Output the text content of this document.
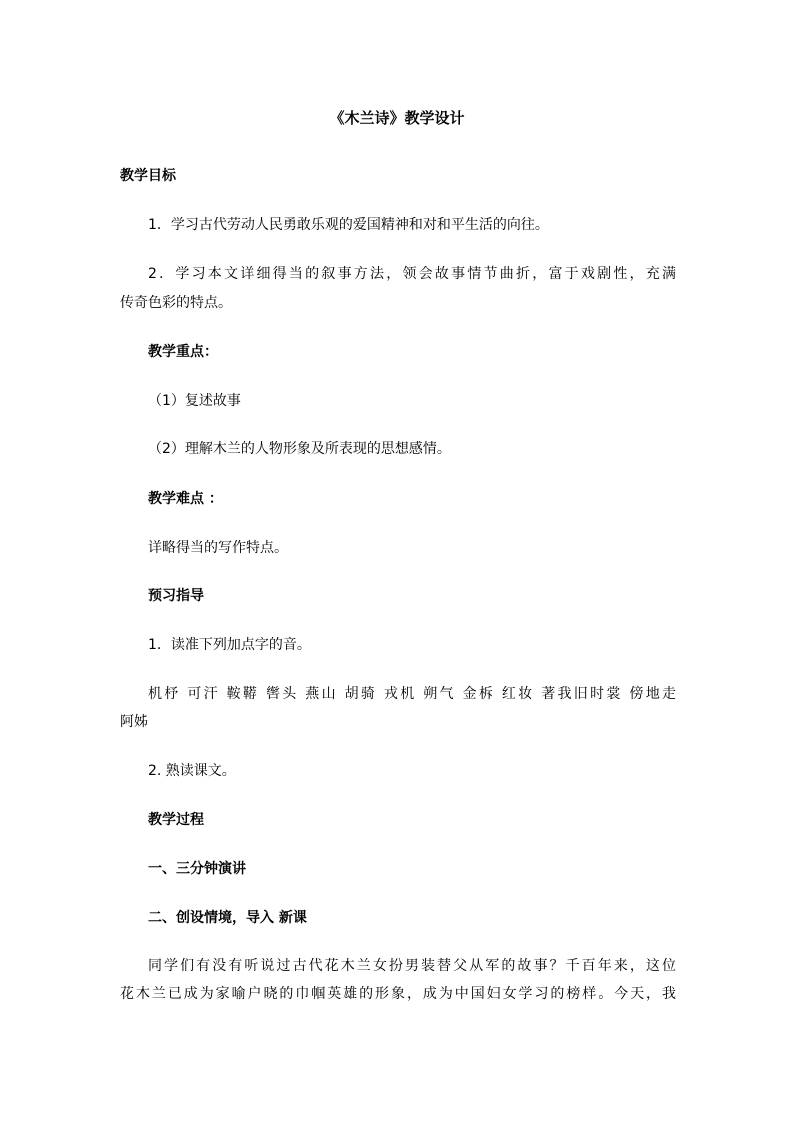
《木兰诗》教学设计
教学目标
1．学习古代劳动人民勇敢乐观的爱国精神和对和平生活的向往。
2．学习本文详细得当的叙事方法，领会故事情节曲折，富于戏剧性，充满
传奇色彩的特点。
教学重点：
（1）复述故事
（2）理解木兰的人物形象及所表现的思想感情。
教学难点 ：
详略得当的写作特点。
预习指导
1．读准下列加点字的音。
机杼 可汗 鞍鞯 辔头 燕山 胡骑 戎机 朔气 金柝 红妆 著我旧时裳 傍地走
阿姊
2. 熟读课文。
教学过程
一、三分钟演讲
二、创设情境，导入 新课
同学们有没有听说过古代花木兰女扮男装替父从军的故事？千百年来，这位
花木兰已成为家喻户晓的巾帼英雄的形象，成为中国妇女学习的榜样。今天，我
